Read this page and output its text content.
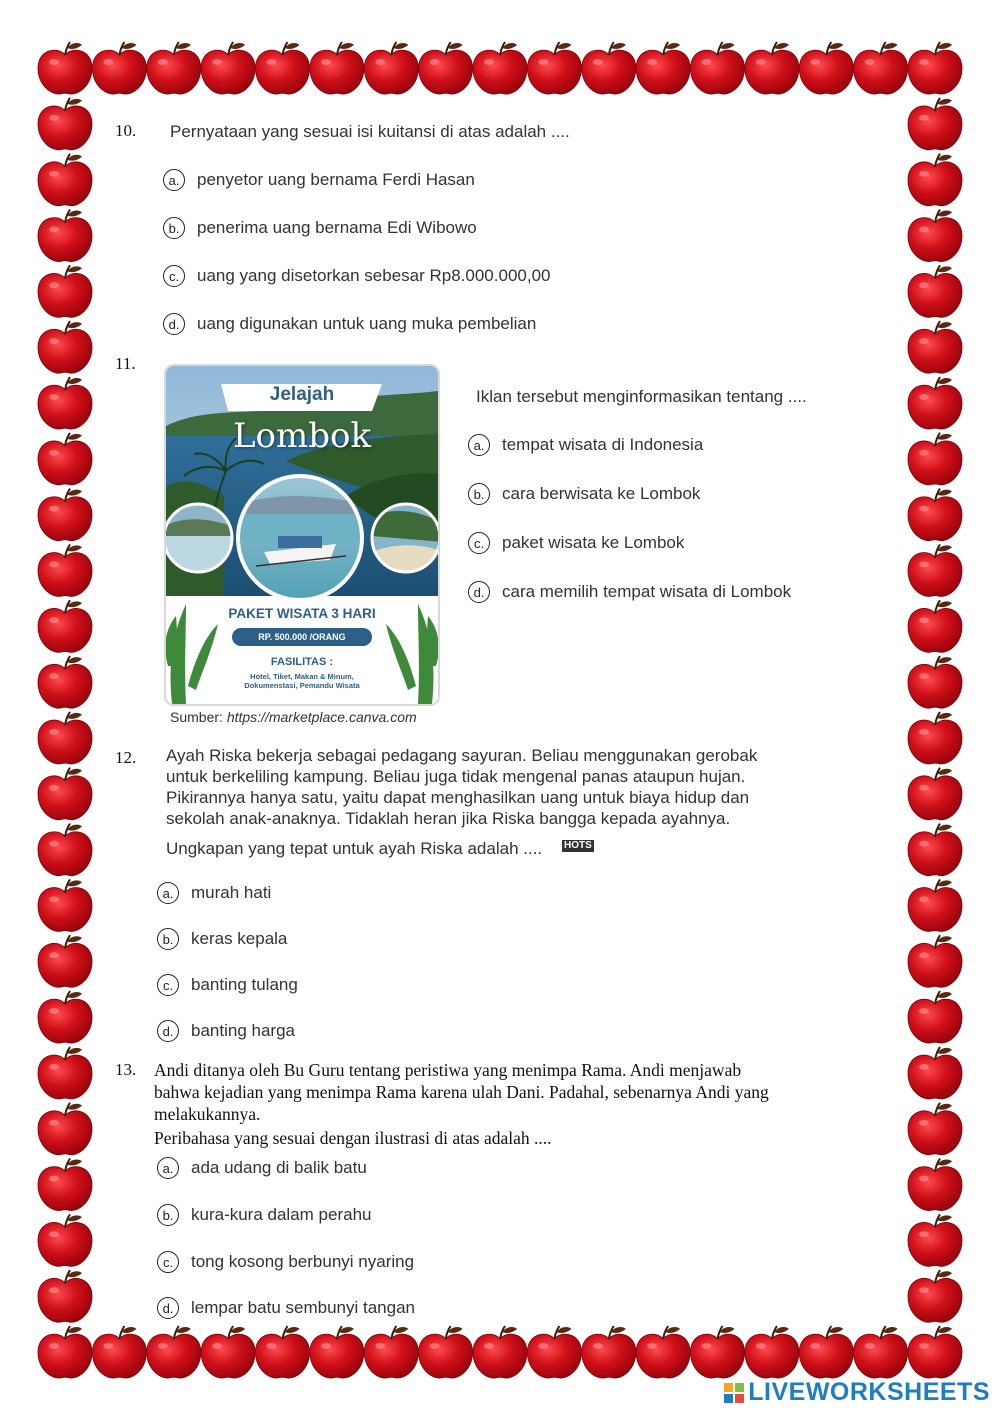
10. Pernyataan yang sesuai isi kuitansi di atas adalah ....
a.	penyetor uang bernama Ferdi Hasan
b.	penerima uang bernama Edi Wibowo
c.	uang yang disetorkan sebesar Rp8.000.000,00
d.	uang digunakan untuk uang muka pembelian
11.
Jelajah
Lombok
PAKET WISATA 3 HARI
RP. 500.000 /ORANG
FASILITAS :
Hotel, Tiket, Makan & Minum,
Dokumenstasi, Pemandu Wisata
Sumber: https://marketplace.canva.com
Iklan tersebut menginformasikan tentang ....
a.	tempat wisata di Indonesia
b.	cara berwisata ke Lombok
c.	paket wisata ke Lombok
d.	cara memilih tempat wisata di Lombok
12. Ayah Riska bekerja sebagai pedagang sayuran. Beliau menggunakan gerobak
untuk berkeliling kampung. Beliau juga tidak mengenal panas ataupun hujan.
Pikirannya hanya satu, yaitu dapat menghasilkan uang untuk biaya hidup dan
sekolah anak-anaknya. Tidaklah heran jika Riska bangga kepada ayahnya.
Ungkapan yang tepat untuk ayah Riska adalah .... HOTS
a.	murah hati
b.	keras kepala
c.	banting tulang
d.	banting harga
13. Andi ditanya oleh Bu Guru tentang peristiwa yang menimpa Rama. Andi menjawab
bahwa kejadian yang menimpa Rama karena ulah Dani. Padahal, sebenarnya Andi yang
melakukannya.
Peribahasa yang sesuai dengan ilustrasi di atas adalah ....
a.	ada udang di balik batu
b.	kura-kura dalam perahu
c.	tong kosong berbunyi nyaring
d.	lempar batu sembunyi tangan
LIVEWORKSHEETS
